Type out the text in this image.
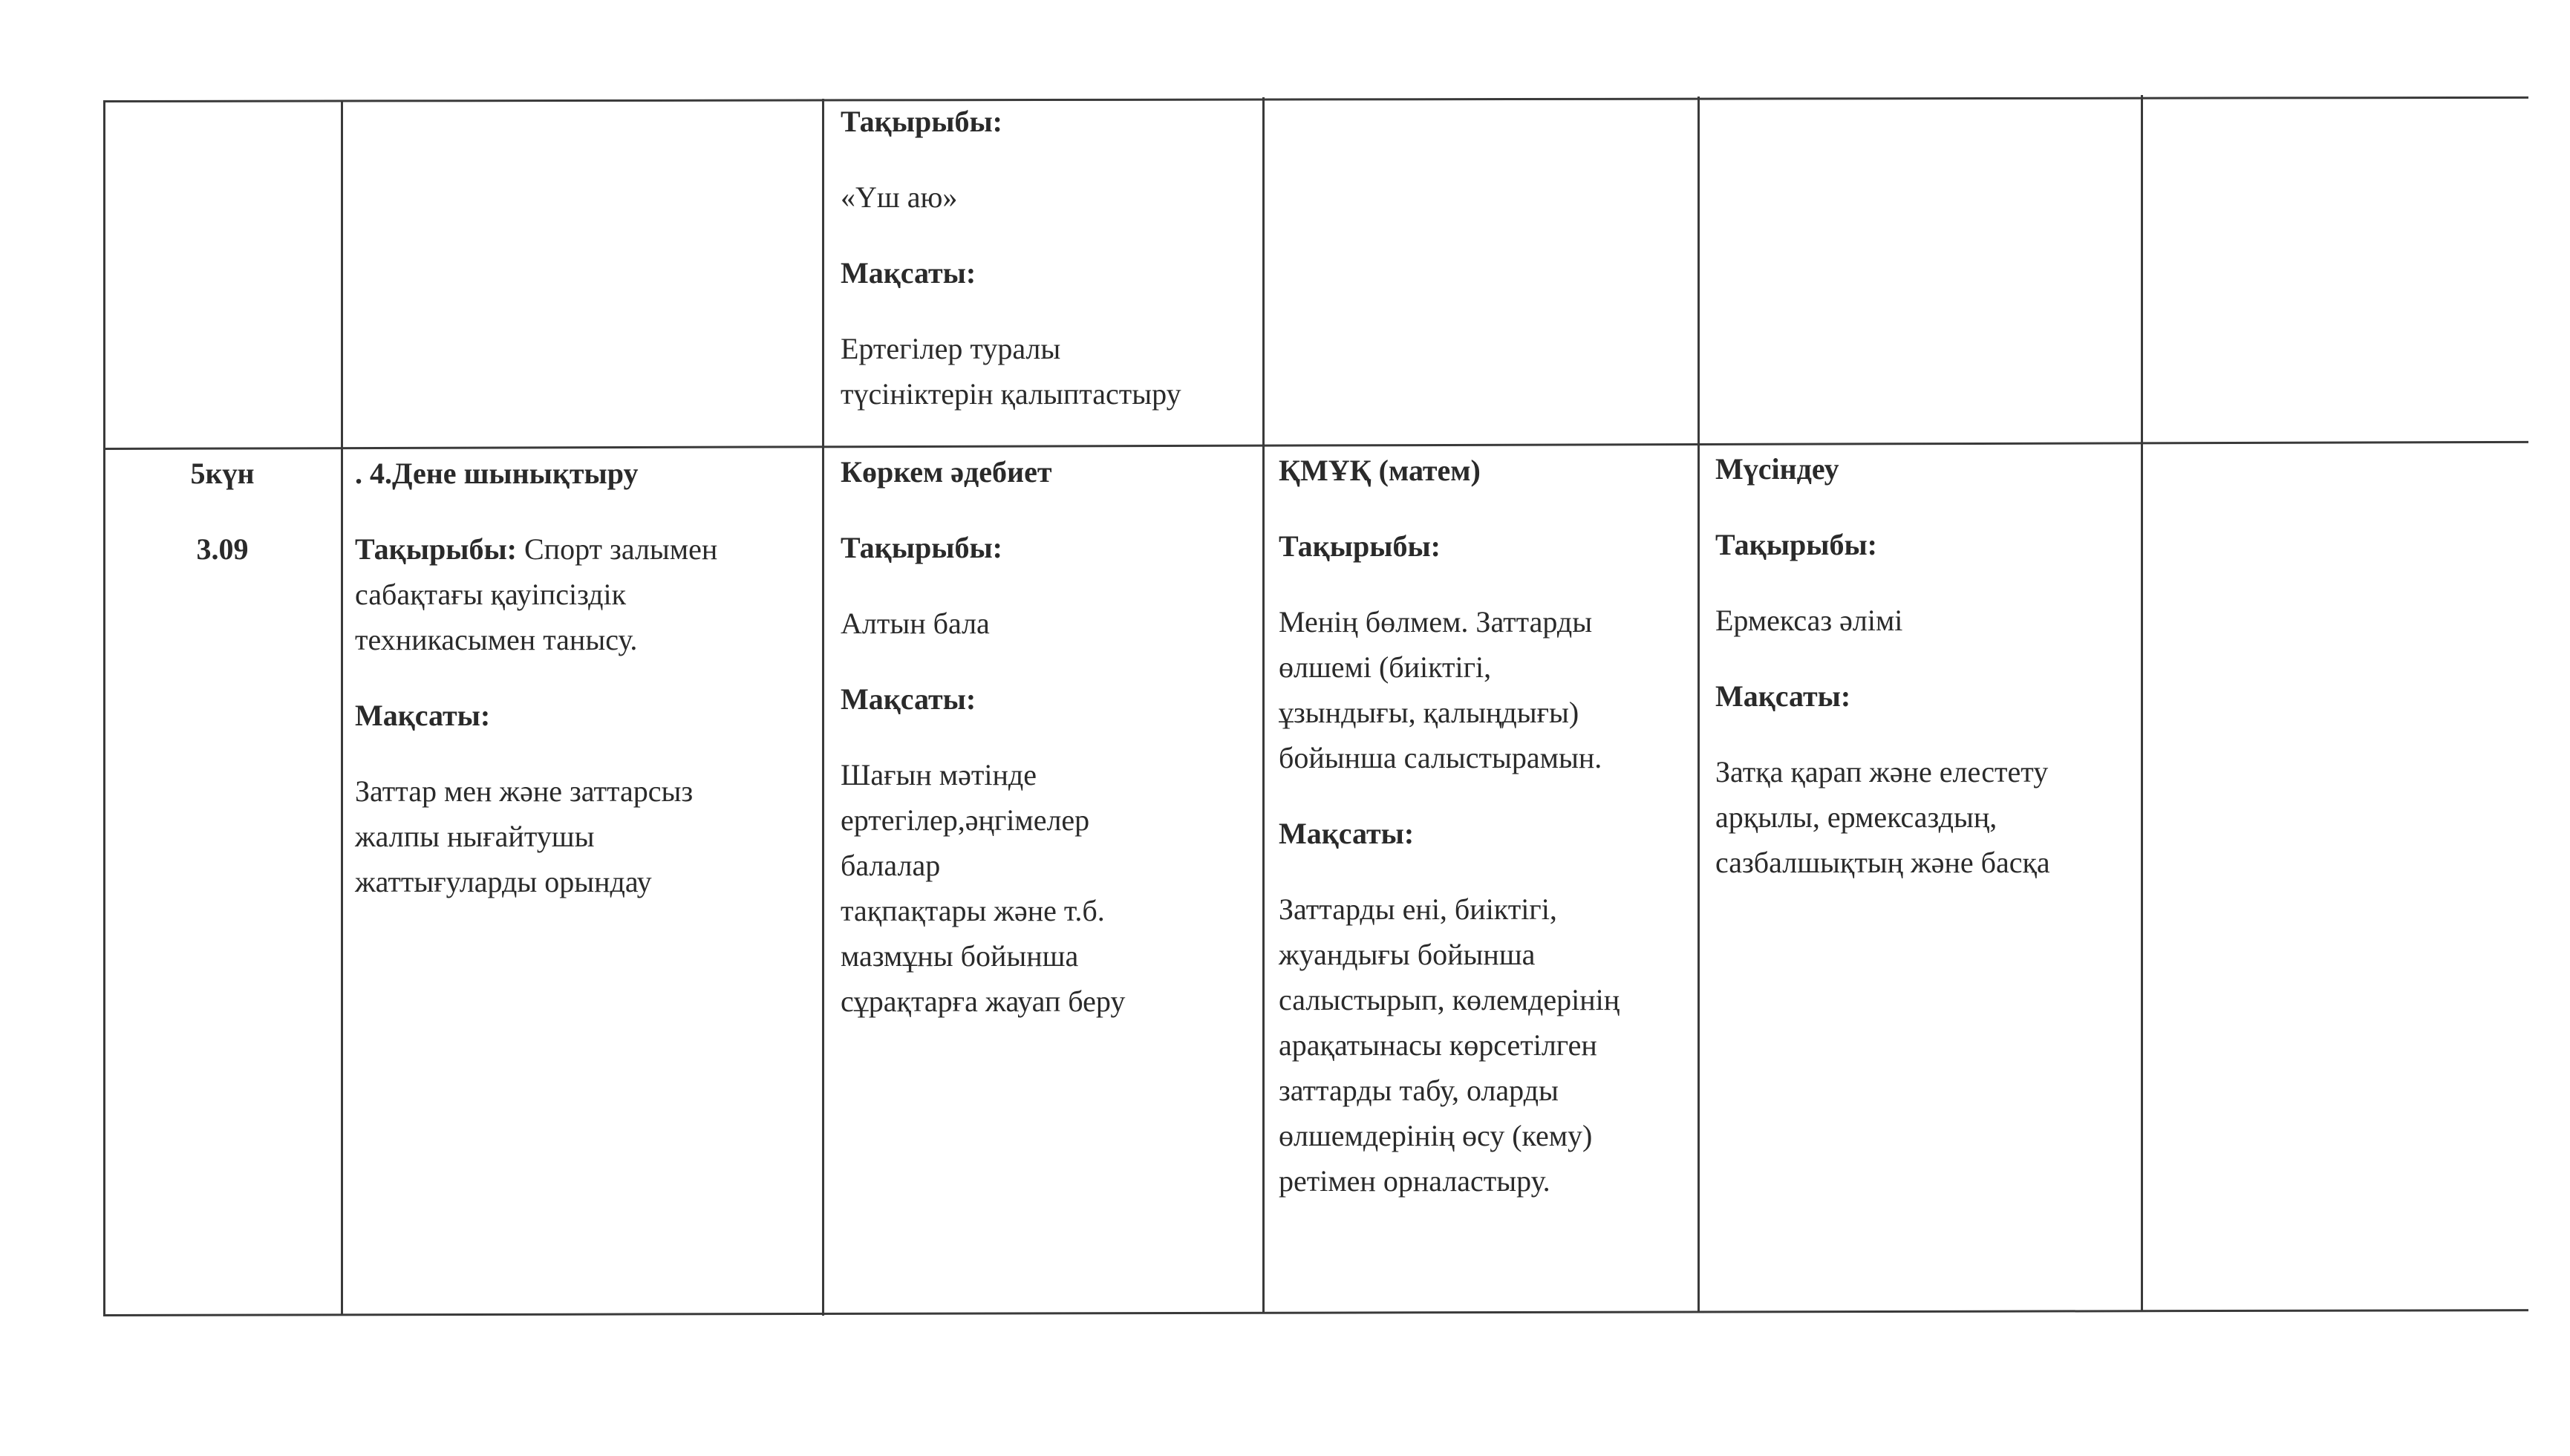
Тақырыбы:

«Үш аю»

Мақсаты:

Ертегілер туралы

түсініктерін қалыптастыру

5күн

3.09

. 4.Дене шынықтыру

Тақырыбы: Спорт залымен

сабақтағы қауіпсіздік

техникасымен танысу.

Мақсаты:

Заттар мен және заттарсыз

жалпы нығайтушы

жаттығуларды орындау

Көркем әдебиет

Тақырыбы:

Алтын бала

Мақсаты:

Шағын мәтінде

ертегілер,әңгімелер

балалар

тақпақтары және т.б.

мазмұны бойынша

сұрақтарға жауап беру

ҚМҰҚ (матем)

Тақырыбы:

Менің бөлмем. Заттарды

өлшемі (биіктігі,

ұзындығы, қалыңдығы)

бойынша салыстырамын.

Мақсаты:

Заттарды ені, биіктігі,

жуандығы бойынша

салыстырып, көлемдерінің

арақатынасы көрсетілген

заттарды табу, оларды

өлшемдерінің өсу (кему)

ретімен орналастыру.

Мүсіндеу

Тақырыбы:

Ермексаз әлімі

Мақсаты:

Затқа қарап және елестету

арқылы, ермексаздың,

сазбалшықтың және басқа
